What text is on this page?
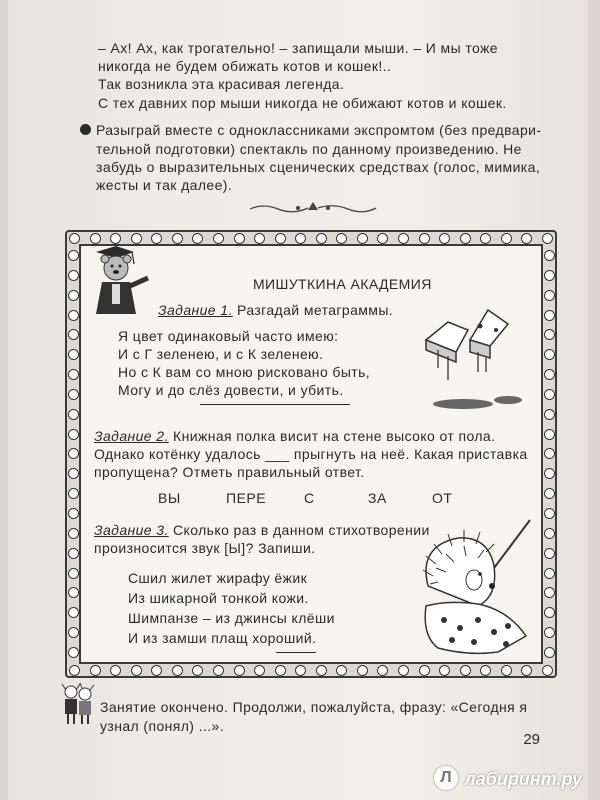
– Ах! Ах, как трогательно! – запищали мыши. – И мы тоже
никогда не будем обижать котов и кошек!..
Так возникла эта красивая легенда.
С тех давних пор мыши никогда не обижают котов и кошек.
Разыграй вместе с одноклассниками экспромтом (без предвари-
тельной подготовки) спектакль по данному произведению. Не
забудь о выразительных сценических средствах (голос, мимика,
жесты и так далее).
МИШУТКИНА АКАДЕМИЯ
Задание 1. Разгадай метаграммы.
Я цвет одинаковый часто имею:
И с Г зеленею, и с К зеленею.
Но с К вам со мною рисковано быть,
Могу и до слёз довести, и убить.
Задание 2. Книжная полка висит на стене высоко от пола.
Однако котёнку удалось ___ прыгнуть на неё. Какая приставка
пропущена? Отметь правильный ответ.
ВЫ	ПЕРЕ	С	ЗА	ОТ
Задание 3. Сколько раз в данном стихотворении
произносится звук [Ы]? Запиши.
Сшил жилет жирафу ёжик
Из шикарной тонкой кожи.
Шимпанзе – из джинсы клёши
И из замши плащ хороший.
Занятие окончено. Продолжи, пожалуйста, фразу: «Сегодня я
узнал (понял) ...».
29
Л лабиринт.ру
